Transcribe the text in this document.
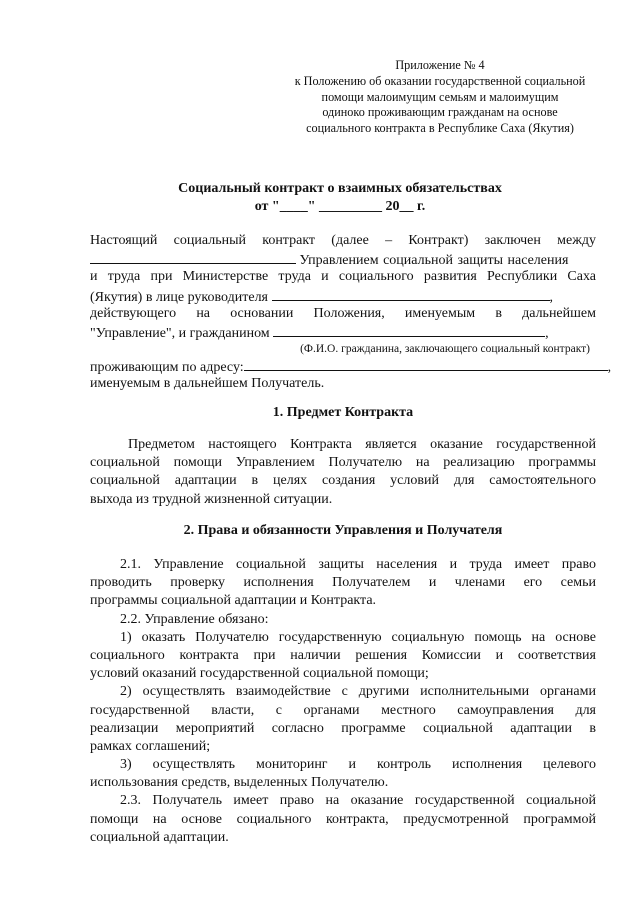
Приложение № 4
к Положению об оказании государственной социальной
помощи малоимущим семьям и малоимущим
одиноко проживающим гражданам на основе
социального контракта в Республике Саха (Якутия)
Социальный контракт о взаимных обязательствах
от "____" _________ 20__ г.
Настоящий социальный контракт (далее – Контракт) заключен между
Управлением социальной защиты населения
и труда при Министерстве труда и социального развития Республики Саха
(Якутия) в лице руководителя	,
действующего на основании Положения, именуемым в дальнейшем
"Управление", и гражданином	,
(Ф.И.О. гражданина, заключающего социальный контракт)
проживающим по адресу:	,
именуемым в дальнейшем Получатель.
1. Предмет Контракта
Предметом настоящего Контракта является оказание государственной
социальной помощи Управлением Получателю на реализацию программы
социальной адаптации в целях создания условий для самостоятельного
выхода из трудной жизненной ситуации.
2. Права и обязанности Управления и Получателя
2.1. Управление социальной защиты населения и труда имеет право
проводить проверку исполнения Получателем и членами его семьи
программы социальной адаптации и Контракта.
2.2. Управление обязано:
1) оказать Получателю государственную социальную помощь на основе
социального контракта при наличии решения Комиссии и соответствия
условий оказаний государственной социальной помощи;
2) осуществлять взаимодействие с другими исполнительными органами
государственной власти, с органами местного самоуправления для
реализации мероприятий согласно программе социальной адаптации в
рамках соглашений;
3) осуществлять мониторинг и контроль исполнения целевого
использования средств, выделенных Получателю.
2.3. Получатель имеет право на оказание государственной социальной
помощи на основе социального контракта, предусмотренной программой
социальной адаптации.
